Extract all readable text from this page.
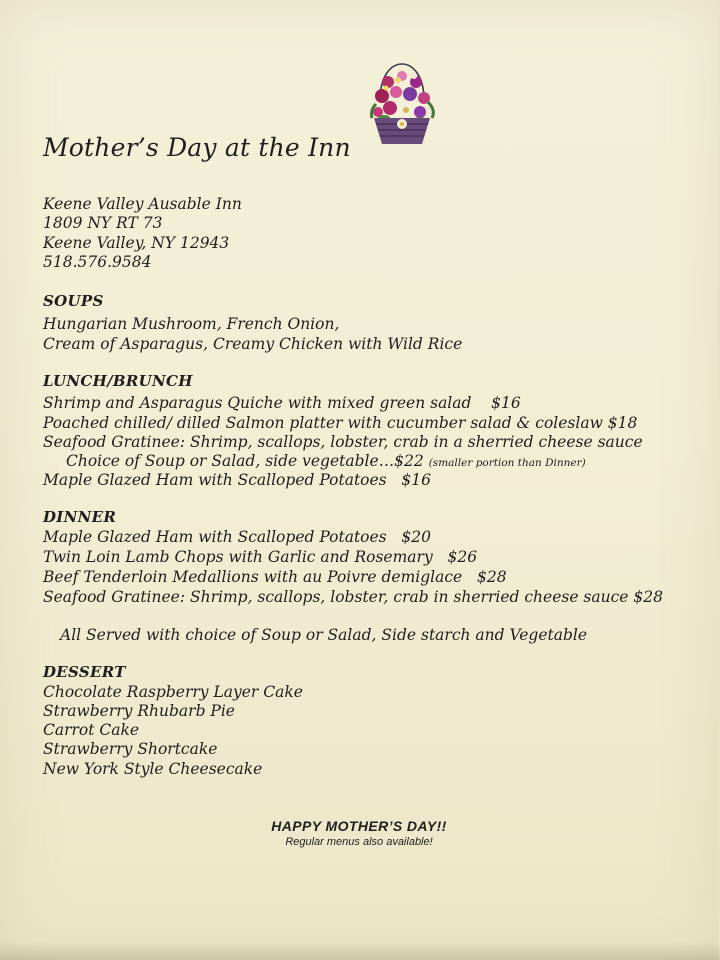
Mother’s Day at the Inn
Keene Valley Ausable Inn
1809 NY RT 73
Keene Valley, NY 12943
518.576.9584
SOUPS
Hungarian Mushroom, French Onion,
Cream of Asparagus, Creamy Chicken with Wild Rice
LUNCH/BRUNCH
Shrimp and Asparagus Quiche with mixed green salad $16
Poached chilled/ dilled Salmon platter with cucumber salad & coleslaw $18
Seafood Gratinee: Shrimp, scallops, lobster, crab in a sherried cheese sauce
Choice of Soup or Salad, side vegetable…$22 (smaller portion than Dinner)
Maple Glazed Ham with Scalloped Potatoes $16
DINNER
Maple Glazed Ham with Scalloped Potatoes $20
Twin Loin Lamb Chops with Garlic and Rosemary $26
Beef Tenderloin Medallions with au Poivre demiglace $28
Seafood Gratinee: Shrimp, scallops, lobster, crab in sherried cheese sauce $28
All Served with choice of Soup or Salad, Side starch and Vegetable
DESSERT
Chocolate Raspberry Layer Cake
Strawberry Rhubarb Pie
Carrot Cake
Strawberry Shortcake
New York Style Cheesecake
HAPPY MOTHER’S DAY!!
Regular menus also available!
